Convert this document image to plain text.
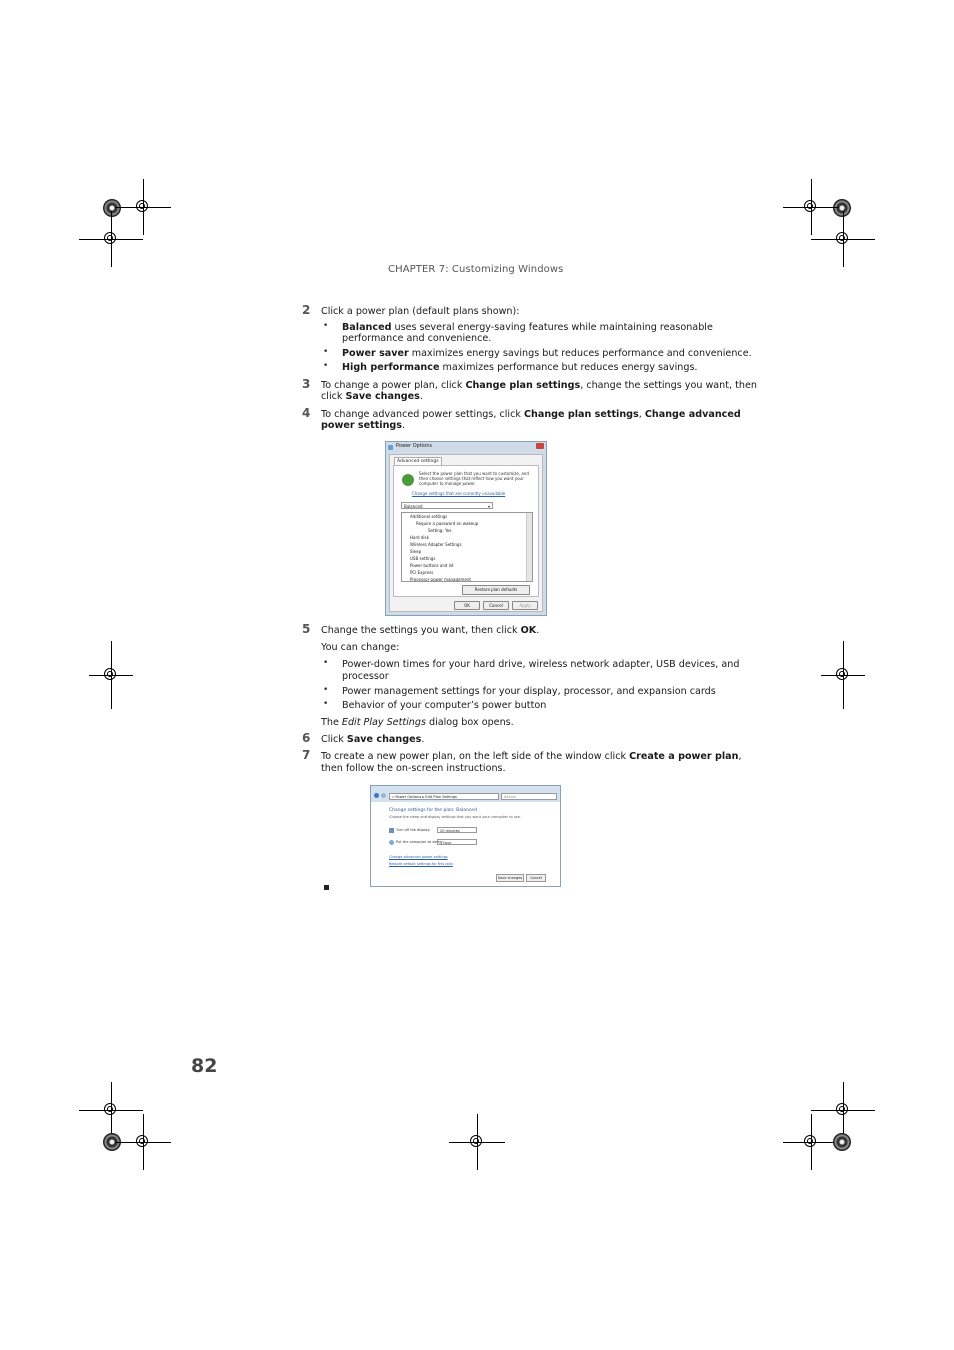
CHAPTER 7: Customizing Windows
2	Click a power plan (default plans shown):
• Balanced uses several energy-saving features while maintaining reasonable
performance and convenience.
• Power saver maximizes energy savings but reduces performance and convenience.
• High performance maximizes performance but reduces energy savings.
3	To change a power plan, click Change plan settings, change the settings you want, then
click Save changes.
4	To change advanced power settings, click Change plan settings, Change advanced
power settings.
Power Options
Advanced settings
Select the power plan that you want to customize, and then choose settings that reflect how you want your computer to manage power.
Change settings that are currently unavailable
Balanced	▾
Additional settings
Require a password on wakeup
Setting: Yes
Hard disk
Wireless Adapter Settings
Sleep
USB settings
Power buttons and lid
PCI Express
Processor power management
Restore plan defaults
OK	Cancel	Apply
5	Change the settings you want, then click OK.
You can change:
• Power-down times for your hard drive, wireless network adapter, USB devices, and
processor
• Power management settings for your display, processor, and expansion cards
• Behavior of your computer’s power button
The Edit Play Settings dialog box opens.
6	Click Save changes.
7	To create a new power plan, on the left side of the window click Create a power plan,
then follow the on-screen instructions.
« Power Options ▸ Edit Plan Settings	Search
Change settings for the plan: Balanced
Choose the sleep and display settings that you want your computer to use.
Turn off the display:	20 minutes
Put the computer to sleep:
1 hour
Change advanced power settings
Restore default settings for this plan
Save changes	Cancel
82
